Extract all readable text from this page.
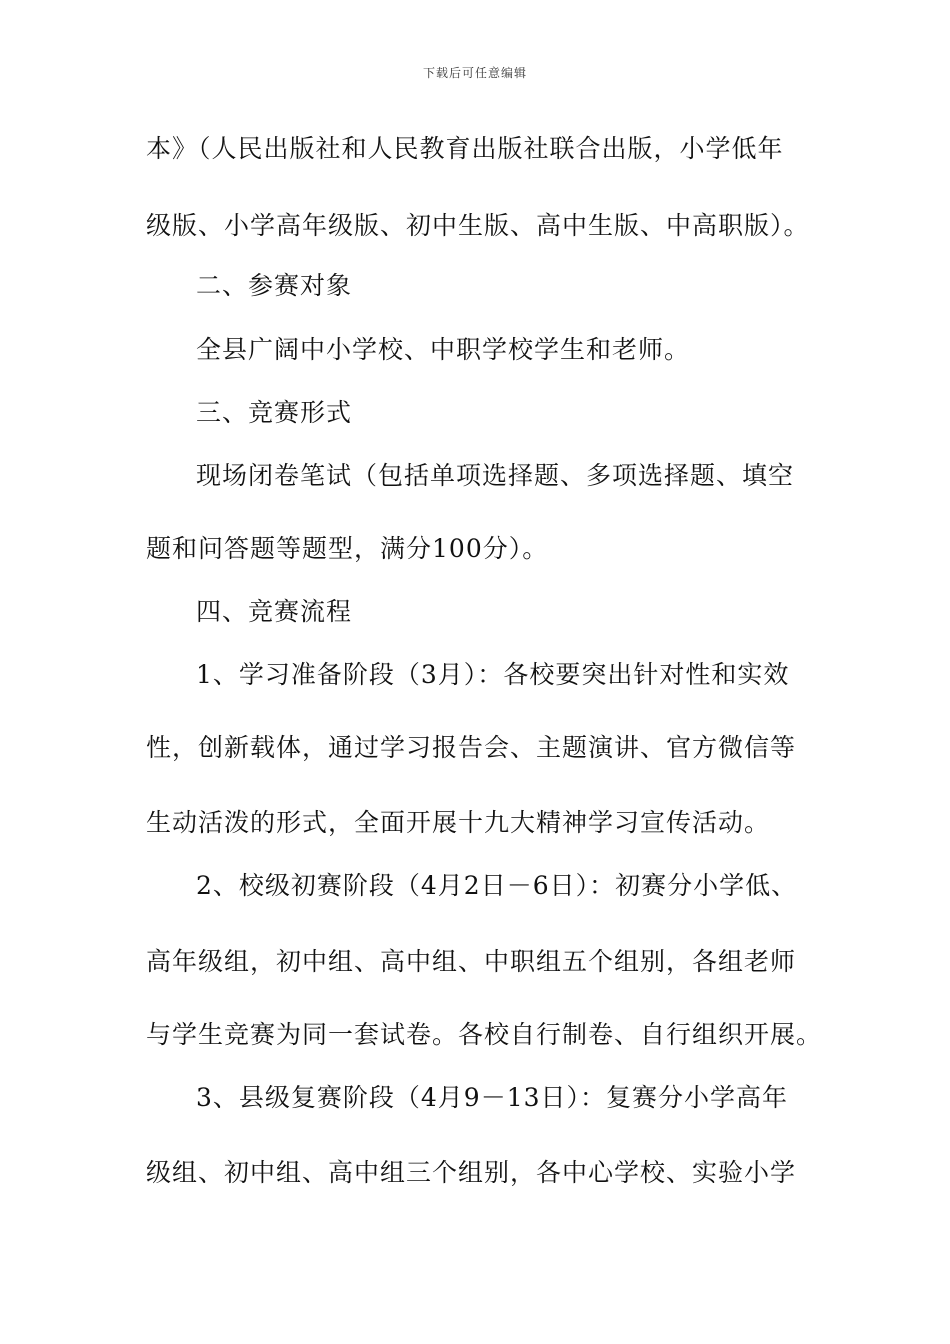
下载后可任意编辑
本》（人民出版社和人民教育出版社联合出版，小学低年
级版、小学高年级版、初中生版、高中生版、中高职版）。
二、参赛对象
全县广阔中小学校、中职学校学生和老师。
三、竞赛形式
现场闭卷笔试（包括单项选择题、多项选择题、填空
题和问答题等题型，满分100分）。
四、竞赛流程
1、学习准备阶段（3月）：各校要突出针对性和实效
性，创新载体，通过学习报告会、主题演讲、官方微信等
生动活泼的形式，全面开展十九大精神学习宣传活动。
2、校级初赛阶段（4月2日－6日）：初赛分小学低、
高年级组，初中组、高中组、中职组五个组别，各组老师
与学生竞赛为同一套试卷。各校自行制卷、自行组织开展。
3、县级复赛阶段（4月9－13日）：复赛分小学高年
级组、初中组、高中组三个组别，各中心学校、实验小学
